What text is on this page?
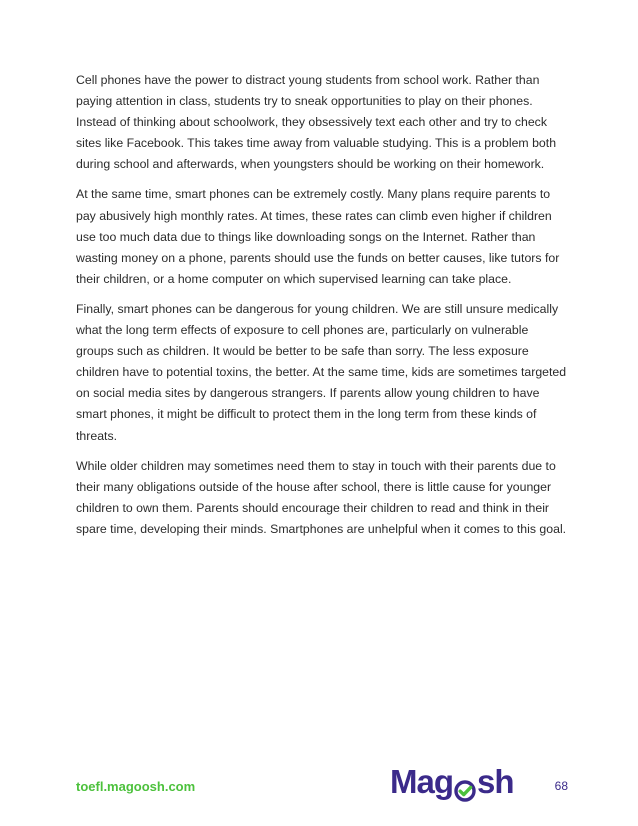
Cell phones have the power to distract young students from school work. Rather than paying attention in class, students try to sneak opportunities to play on their phones. Instead of thinking about schoolwork, they obsessively text each other and try to check sites like Facebook. This takes time away from valuable studying. This is a problem both during school and afterwards, when youngsters should be working on their homework.

At the same time, smart phones can be extremely costly. Many plans require parents to pay abusively high monthly rates. At times, these rates can climb even higher if children use too much data due to things like downloading songs on the Internet. Rather than wasting money on a phone, parents should use the funds on better causes, like tutors for their children, or a home computer on which supervised learning can take place.

Finally, smart phones can be dangerous for young children. We are still unsure medically what the long term effects of exposure to cell phones are, particularly on vulnerable groups such as children. It would be better to be safe than sorry. The less exposure children have to potential toxins, the better. At the same time, kids are sometimes targeted on social media sites by dangerous strangers. If parents allow young children to have smart phones, it might be difficult to protect them in the long term from these kinds of threats.

While older children may sometimes need them to stay in touch with their parents due to their many obligations outside of the house after school, there is little cause for younger children to own them. Parents should encourage their children to read and think in their spare time, developing their minds. Smartphones are unhelpful when it comes to this goal.

toefl.magoosh.com	Mag sh	68
